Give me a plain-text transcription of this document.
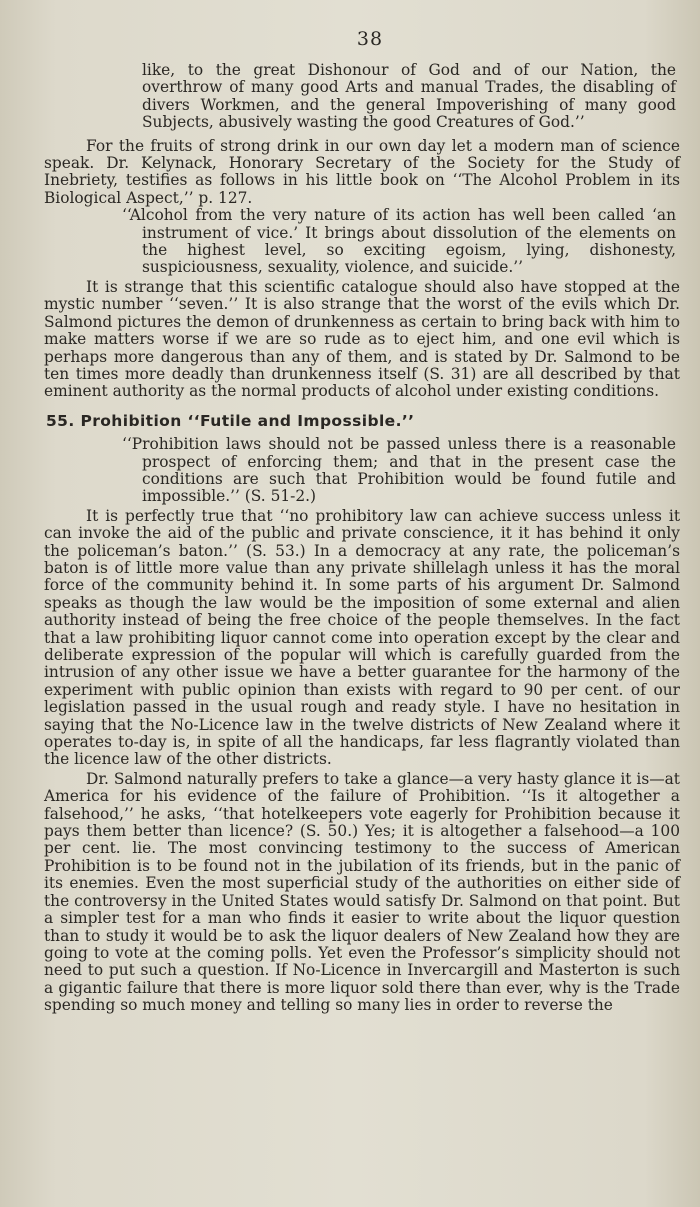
38

like, to the great Dishonour of God and of our Nation, the overthrow of many good Arts and manual Trades, the disabling of divers Workmen, and the general Impoverishing of many good Subjects, abusively wasting the good Creatures of God.’’

For the fruits of strong drink in our own day let a modern man of science speak. Dr. Kelynack, Honorary Secretary of the Society for the Study of Inebriety, testifies as follows in his little book on ‘‘The Alcohol Problem in its Biological Aspect,’’ p. 127.

‘‘Alcohol from the very nature of its action has well been called ‘an instrument of vice.’ It brings about dissolution of the elements on the highest level, so exciting egoism, lying, dishonesty, suspiciousness, sexuality, violence, and suicide.’’

It is strange that this scientific catalogue should also have stopped at the mystic number ‘‘seven.’’ It is also strange that the worst of the evils which Dr. Salmond pictures the demon of drunkenness as certain to bring back with him to make matters worse if we are so rude as to eject him, and one evil which is perhaps more dangerous than any of them, and is stated by Dr. Salmond to be ten times more deadly than drunkenness itself (S. 31) are all described by that eminent authority as the normal products of alcohol under existing conditions.

55. Prohibition ‘‘Futile and Impossible.’’

‘‘Prohibition laws should not be passed unless there is a reasonable prospect of enforcing them; and that in the present case the conditions are such that Prohibition would be found futile and impossible.’’ (S. 51-2.)

It is perfectly true that ‘‘no prohibitory law can achieve success unless it can invoke the aid of the public and private conscience, it it has behind it only the policeman’s baton.’’ (S. 53.) In a democracy at any rate, the policeman’s baton is of little more value than any private shillelagh unless it has the moral force of the community behind it. In some parts of his argument Dr. Salmond speaks as though the law would be the imposition of some external and alien authority instead of being the free choice of the people themselves. In the fact that a law prohibiting liquor cannot come into operation except by the clear and deliberate expression of the popular will which is carefully guarded from the intrusion of any other issue we have a better guarantee for the harmony of the experiment with public opinion than exists with regard to 90 per cent. of our legislation passed in the usual rough and ready style. I have no hesitation in saying that the No-Licence law in the twelve districts of New Zealand where it operates to-day is, in spite of all the handicaps, far less flagrantly violated than the licence law of the other districts.

Dr. Salmond naturally prefers to take a glance—a very hasty glance it is—at America for his evidence of the failure of Prohibition. ‘‘Is it altogether a falsehood,’’ he asks, ‘‘that hotelkeepers vote eagerly for Prohibition because it pays them better than licence? (S. 50.) Yes; it is altogether a falsehood—a 100 per cent. lie. The most convincing testimony to the success of American Prohibition is to be found not in the jubilation of its friends, but in the panic of its enemies. Even the most superficial study of the authorities on either side of the controversy in the United States would satisfy Dr. Salmond on that point. But a simpler test for a man who finds it easier to write about the liquor question than to study it would be to ask the liquor dealers of New Zealand how they are going to vote at the coming polls. Yet even the Professor’s simplicity should not need to put such a question. If No-Licence in Invercargill and Masterton is such a gigantic failure that there is more liquor sold there than ever, why is the Trade spending so much money and telling so many lies in order to reverse the
